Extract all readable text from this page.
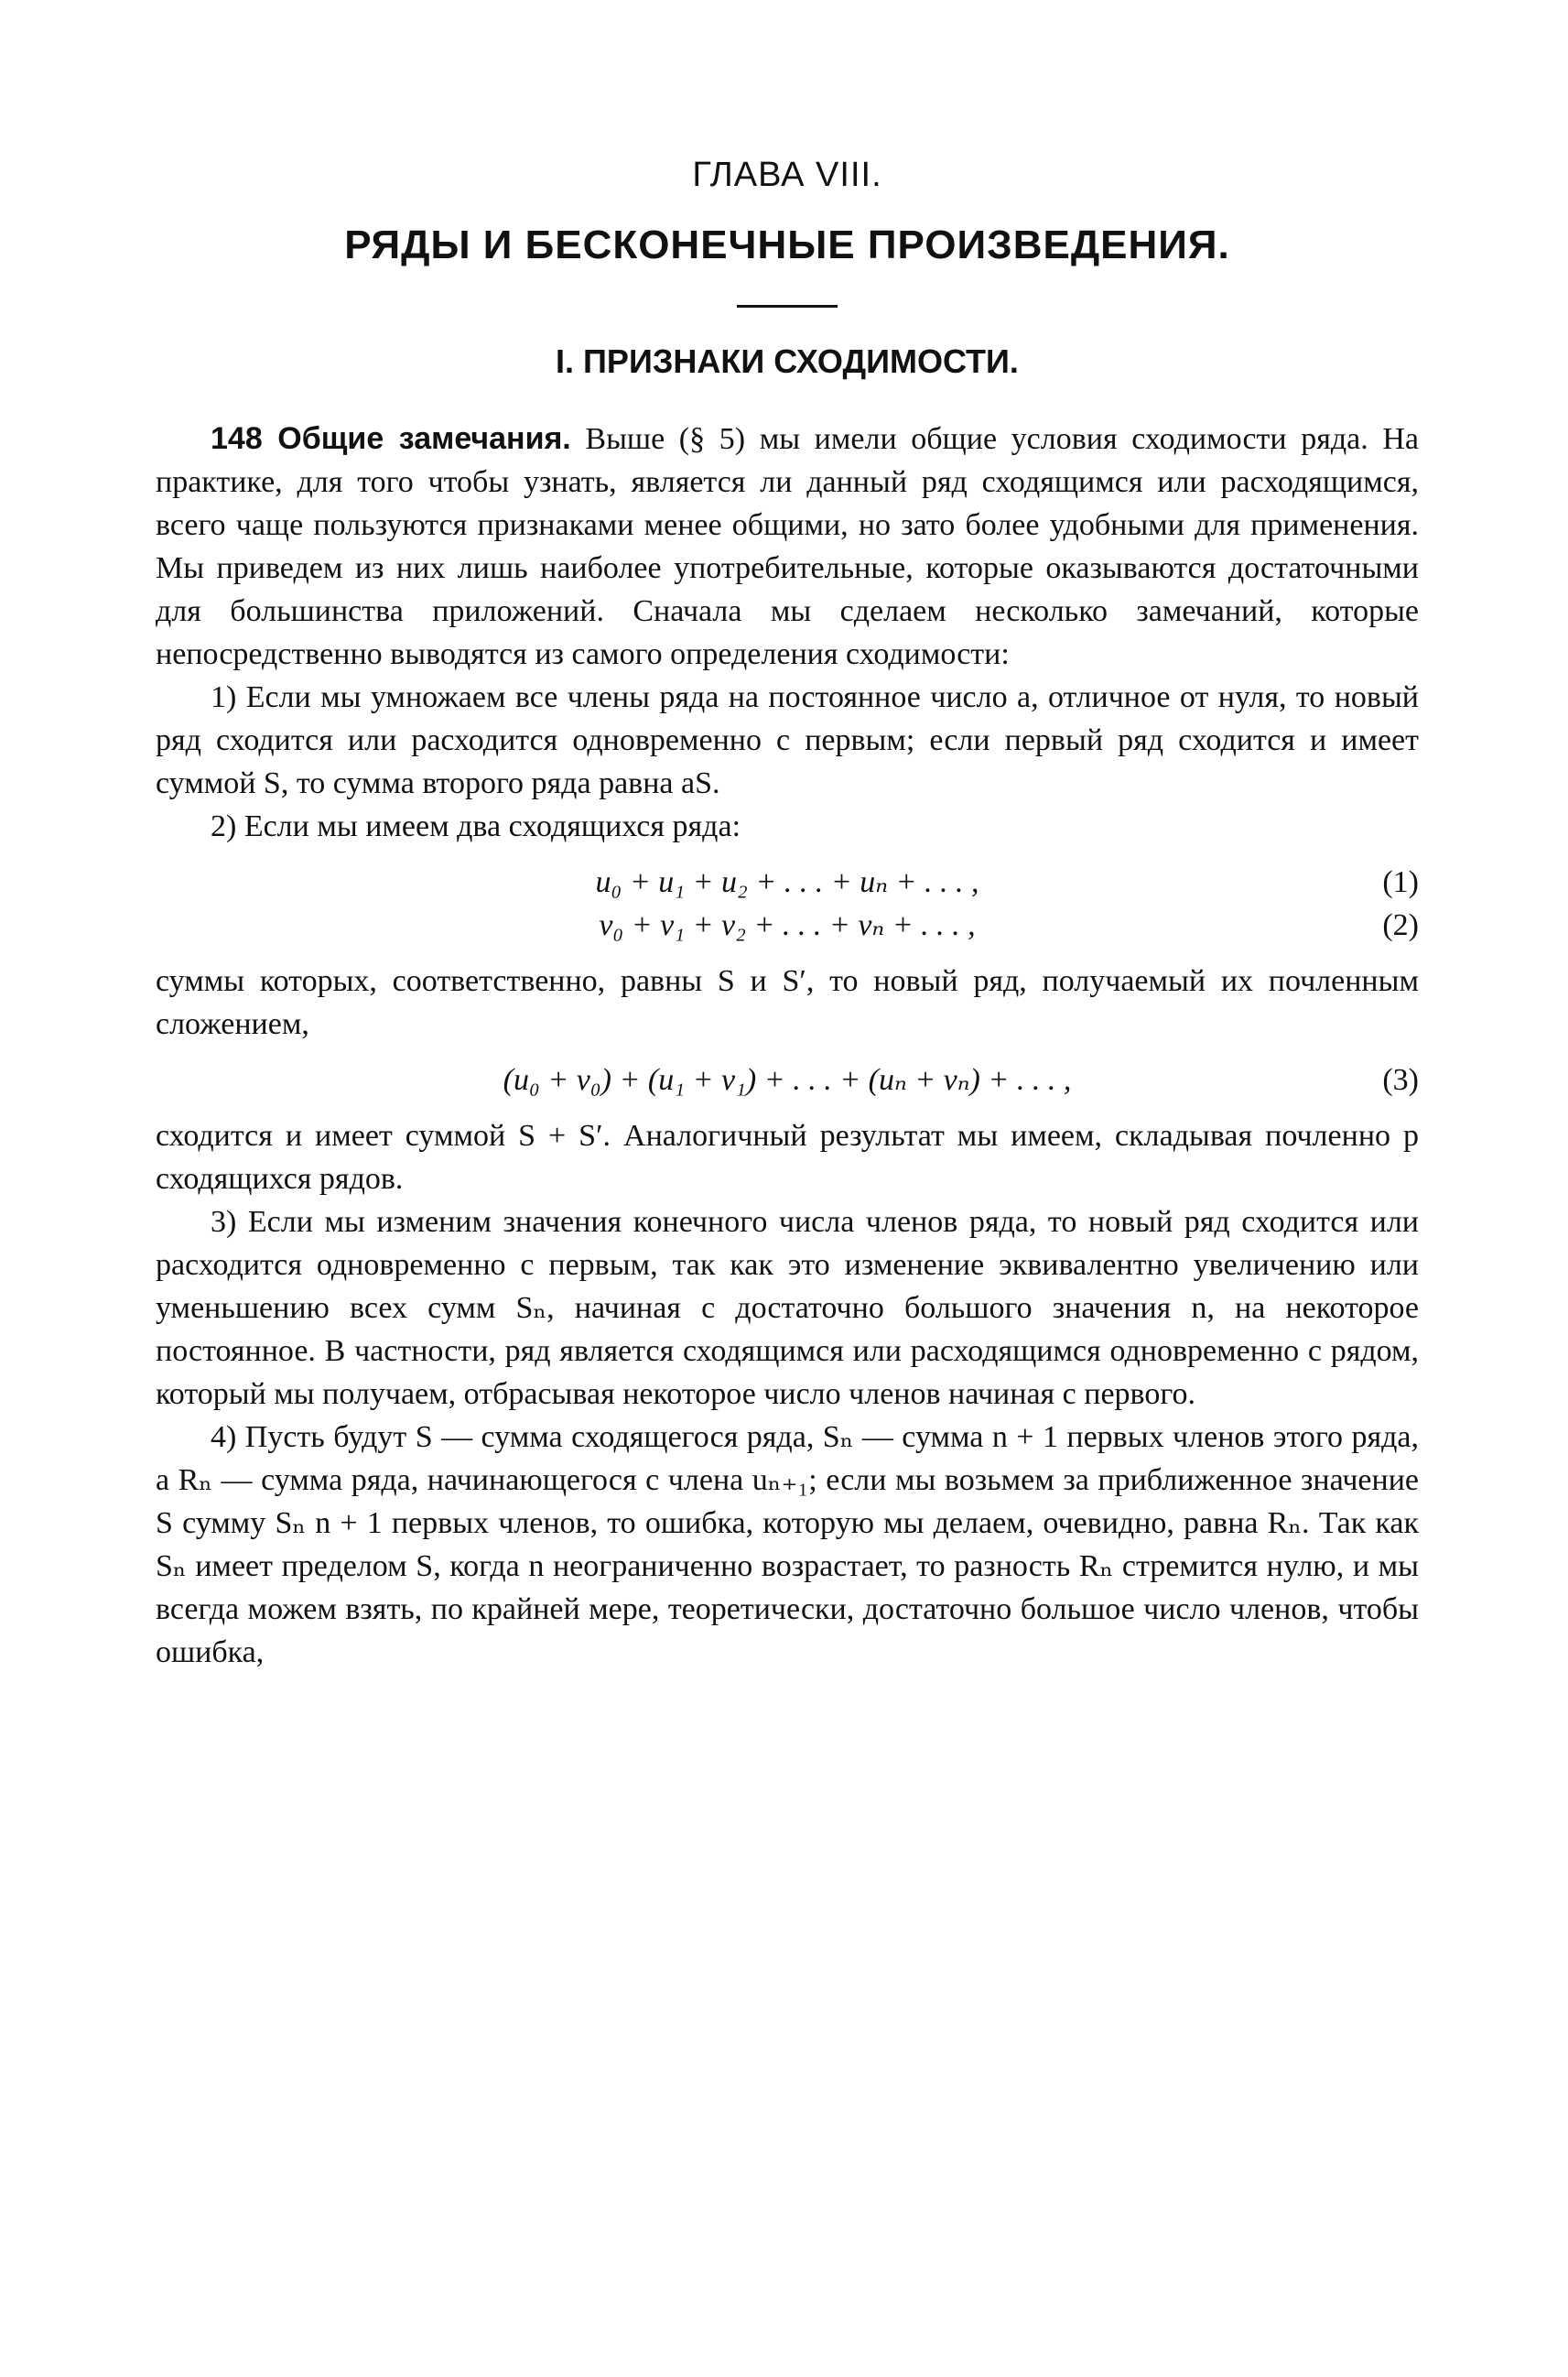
ГЛАВА VIII.
РЯДЫ И БЕСКОНЕЧНЫЕ ПРОИЗВЕДЕНИЯ.
I. ПРИЗНАКИ СХОДИМОСТИ.

148 Общие замечания. Выше (§ 5) мы имели общие условия сходимости ряда. На практике, для того чтобы узнать, является ли данный ряд сходящимся или расходящимся, всего чаще пользуются признаками менее общими, но зато более удобными для применения. Мы приведем из них лишь наиболее употребительные, которые оказываются достаточными для большинства приложений. Сначала мы сделаем несколько замечаний, которые непосредственно выводятся из самого определения сходимости:

1) Если мы умножаем все члены ряда на постоянное число a, отличное от нуля, то новый ряд сходится или расходится одновременно с первым; если первый ряд сходится и имеет суммой S, то сумма второго ряда равна aS.

2) Если мы имеем два сходящихся ряда:

u₀ + u₁ + u₂ + . . . + uₙ + . . . ,	(1)
v₀ + v₁ + v₂ + . . . + vₙ + . . . ,	(2)

суммы которых, соответственно, равны S и S′, то новый ряд, получаемый их почленным сложением,

(u₀ + v₀) + (u₁ + v₁) + . . . + (uₙ + vₙ) + . . . ,	(3)

сходится и имеет суммой S + S′. Аналогичный результат мы имеем, складывая почленно p сходящихся рядов.

3) Если мы изменим значения конечного числа членов ряда, то новый ряд сходится или расходится одновременно с первым, так как это изменение эквивалентно увеличению или уменьшению всех сумм Sₙ, начиная с достаточно большого значения n, на некоторое постоянное. В частности, ряд является сходящимся или расходящимся одновременно с рядом, который мы получаем, отбрасывая некоторое число членов начиная с первого.

4) Пусть будут S — сумма сходящегося ряда, Sₙ — сумма n + 1 первых членов этого ряда, а Rₙ — сумма ряда, начинающегося с члена uₙ₊₁; если мы возьмем за приближенное значение S сумму Sₙ n + 1 первых членов, то ошибка, которую мы делаем, очевидно, равна Rₙ. Так как Sₙ имеет пределом S, когда n неограниченно возрастает, то разность Rₙ стремится нулю, и мы всегда можем взять, по крайней мере, теоретически, достаточно большое число членов, чтобы ошибка,
